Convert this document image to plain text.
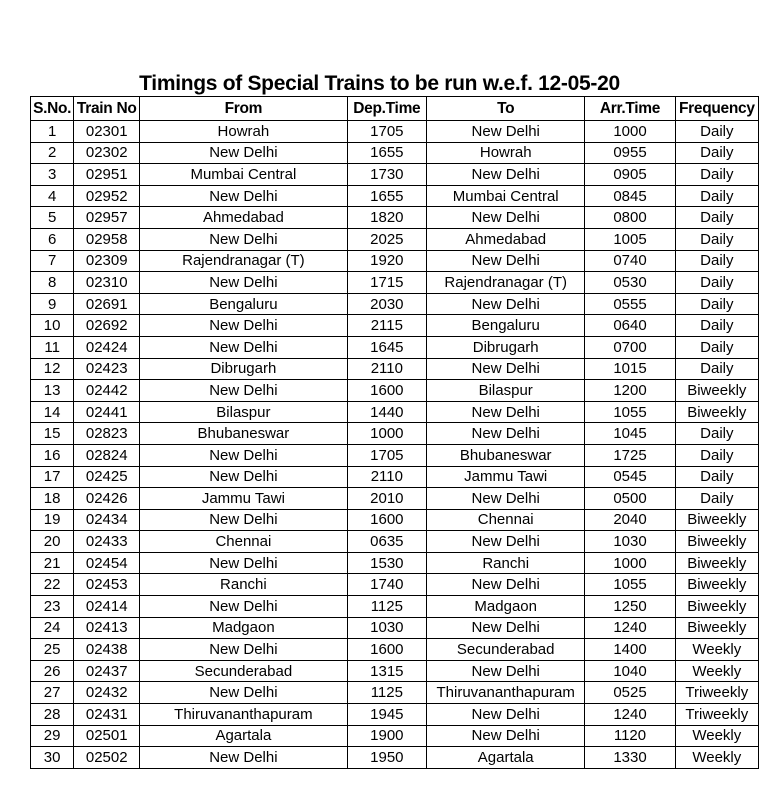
Timings of Special Trains to be run w.e.f. 12-05-20
S.No.	Train No	From	Dep.Time	To	Arr.Time	Frequency
1	02301	Howrah	1705	New Delhi	1000	Daily
2	02302	New Delhi	1655	Howrah	0955	Daily
3	02951	Mumbai Central	1730	New Delhi	0905	Daily
4	02952	New Delhi	1655	Mumbai Central	0845	Daily
5	02957	Ahmedabad	1820	New Delhi	0800	Daily
6	02958	New Delhi	2025	Ahmedabad	1005	Daily
7	02309	Rajendranagar (T)	1920	New Delhi	0740	Daily
8	02310	New Delhi	1715	Rajendranagar (T)	0530	Daily
9	02691	Bengaluru	2030	New Delhi	0555	Daily
10	02692	New Delhi	2115	Bengaluru	0640	Daily
11	02424	New Delhi	1645	Dibrugarh	0700	Daily
12	02423	Dibrugarh	2110	New Delhi	1015	Daily
13	02442	New Delhi	1600	Bilaspur	1200	Biweekly
14	02441	Bilaspur	1440	New Delhi	1055	Biweekly
15	02823	Bhubaneswar	1000	New Delhi	1045	Daily
16	02824	New Delhi	1705	Bhubaneswar	1725	Daily
17	02425	New Delhi	2110	Jammu Tawi	0545	Daily
18	02426	Jammu Tawi	2010	New Delhi	0500	Daily
19	02434	New Delhi	1600	Chennai	2040	Biweekly
20	02433	Chennai	0635	New Delhi	1030	Biweekly
21	02454	New Delhi	1530	Ranchi	1000	Biweekly
22	02453	Ranchi	1740	New Delhi	1055	Biweekly
23	02414	New Delhi	1125	Madgaon	1250	Biweekly
24	02413	Madgaon	1030	New Delhi	1240	Biweekly
25	02438	New Delhi	1600	Secunderabad	1400	Weekly
26	02437	Secunderabad	1315	New Delhi	1040	Weekly
27	02432	New Delhi	1125	Thiruvananthapuram	0525	Triweekly
28	02431	Thiruvananthapuram	1945	New Delhi	1240	Triweekly
29	02501	Agartala	1900	New Delhi	1120	Weekly
30	02502	New Delhi	1950	Agartala	1330	Weekly
